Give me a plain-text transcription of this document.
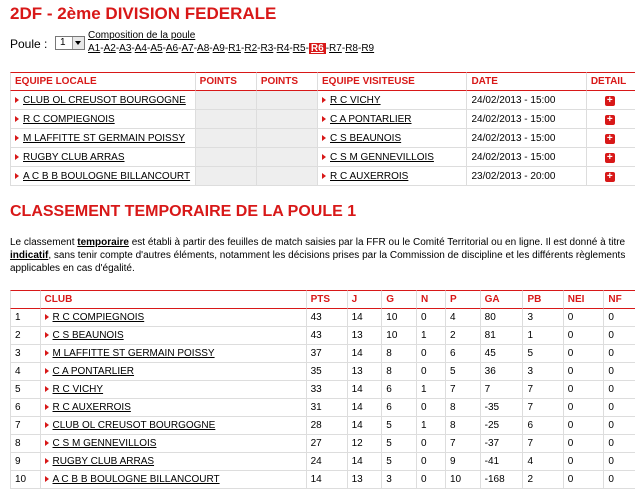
2DF - 2ème DIVISION FEDERALE
Poule : 1
Composition de la poule
A1-A2-A3-A4-A5-A6-A7-A8-A9-R1-R2-R3-R4-R5- R6 -R7-R8-R9
EQUIPE LOCALE	POINTS	POINTS	EQUIPE VISITEUSE	DATE	DETAIL
CLUB OL CREUSOT BOURGOGNE			R C VICHY	24/02/2013 - 15:00	+
R C COMPIEGNOIS			C A PONTARLIER	24/02/2013 - 15:00	+
M LAFFITTE ST GERMAIN POISSY			C S BEAUNOIS	24/02/2013 - 15:00	+
RUGBY CLUB ARRAS			C S M GENNEVILLOIS	24/02/2013 - 15:00	+
A C B B BOULOGNE BILLANCOURT			R C AUXERROIS	23/02/2013 - 20:00	+
CLASSEMENT TEMPORAIRE DE LA POULE 1
Le classement temporaire est établi à partir des feuilles de match saisies par la FFR ou le Comité Territorial ou en ligne. Il est donné à titre indicatif, sans tenir compte d'autres éléments, notamment les décisions prises par la Commission de discipline et les différents règlements applicables en cas d'égalité.
	CLUB	PTS	J	G	N	P	GA	PB	NEI	NF
1	R C COMPIEGNOIS	43	14	10	0	4	80	3	0	0
2	C S BEAUNOIS	43	13	10	1	2	81	1	0	0
3	M LAFFITTE ST GERMAIN POISSY	37	14	8	0	6	45	5	0	0
4	C A PONTARLIER	35	13	8	0	5	36	3	0	0
5	R C VICHY	33	14	6	1	7	7	7	0	0
6	R C AUXERROIS	31	14	6	0	8	-35	7	0	0
7	CLUB OL CREUSOT BOURGOGNE	28	14	5	1	8	-25	6	0	0
8	C S M GENNEVILLOIS	27	12	5	0	7	-37	7	0	0
9	RUGBY CLUB ARRAS	24	14	5	0	9	-41	4	0	0
10	A C B B BOULOGNE BILLANCOURT	14	13	3	0	10	-168	2	0	0
